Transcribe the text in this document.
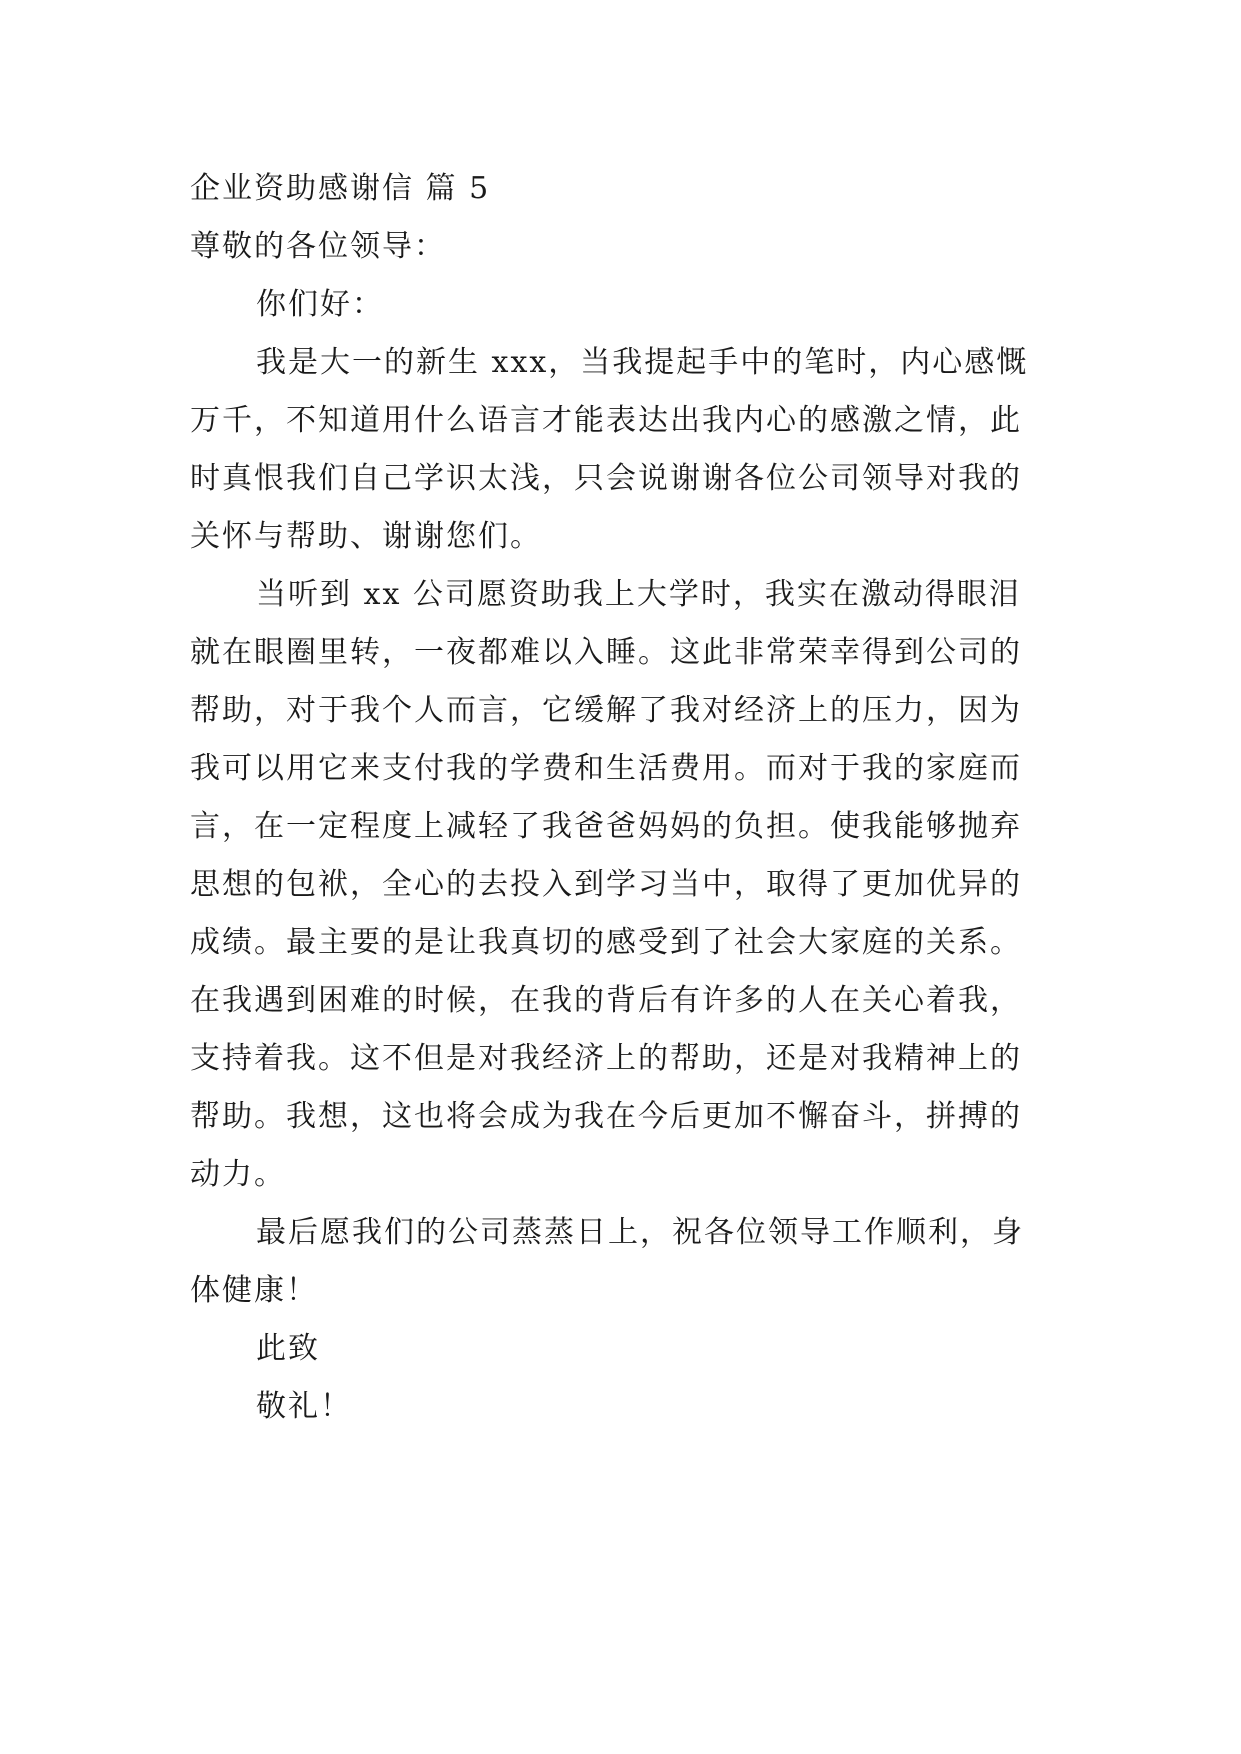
企业资助感谢信 篇 5
尊敬的各位领导：
你们好：
我是大一的新生 xxx，当我提起手中的笔时，内心感慨
万千，不知道用什么语言才能表达出我内心的感激之情，此
时真恨我们自己学识太浅，只会说谢谢各位公司领导对我的
关怀与帮助、谢谢您们。
当听到 xx 公司愿资助我上大学时，我实在激动得眼泪
就在眼圈里转，一夜都难以入睡。这此非常荣幸得到公司的
帮助，对于我个人而言，它缓解了我对经济上的压力，因为
我可以用它来支付我的学费和生活费用。而对于我的家庭而
言，在一定程度上减轻了我爸爸妈妈的负担。使我能够抛弃
思想的包袱，全心的去投入到学习当中，取得了更加优异的
成绩。最主要的是让我真切的感受到了社会大家庭的关系。
在我遇到困难的时候，在我的背后有许多的人在关心着我，
支持着我。这不但是对我经济上的帮助，还是对我精神上的
帮助。我想，这也将会成为我在今后更加不懈奋斗，拼搏的
动力。
最后愿我们的公司蒸蒸日上，祝各位领导工作顺利，身
体健康！
此致
敬礼！
